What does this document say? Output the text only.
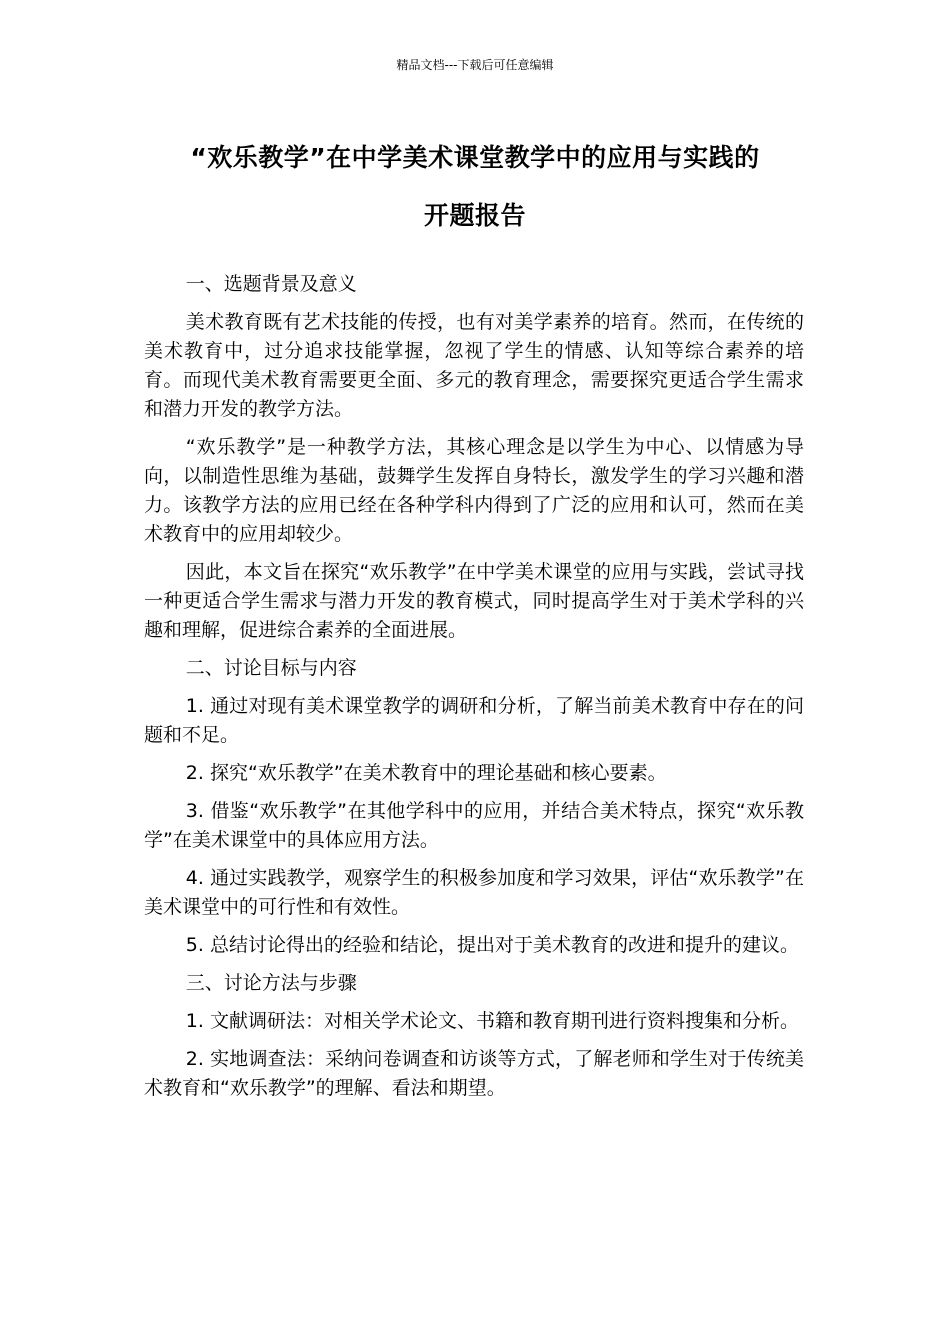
精品文档---下载后可任意编辑
“欢乐教学”在中学美术课堂教学中的应用与实践的
开题报告

一、选题背景及意义

美术教育既有艺术技能的传授，也有对美学素养的培育。然而，在传统的美术教育中，过分追求技能掌握，忽视了学生的情感、认知等综合素养的培育。而现代美术教育需要更全面、多元的教育理念，需要探究更适合学生需求和潜力开发的教学方法。

“欢乐教学”是一种教学方法，其核心理念是以学生为中心、以情感为导向，以制造性思维为基础，鼓舞学生发挥自身特长，激发学生的学习兴趣和潜力。该教学方法的应用已经在各种学科内得到了广泛的应用和认可，然而在美术教育中的应用却较少。

因此，本文旨在探究“欢乐教学”在中学美术课堂的应用与实践，尝试寻找一种更适合学生需求与潜力开发的教育模式，同时提高学生对于美术学科的兴趣和理解，促进综合素养的全面进展。

二、讨论目标与内容

1. 通过对现有美术课堂教学的调研和分析，了解当前美术教育中存在的问题和不足。

2. 探究“欢乐教学”在美术教育中的理论基础和核心要素。

3. 借鉴“欢乐教学”在其他学科中的应用，并结合美术特点，探究“欢乐教学”在美术课堂中的具体应用方法。

4. 通过实践教学，观察学生的积极参加度和学习效果，评估“欢乐教学”在美术课堂中的可行性和有效性。

5. 总结讨论得出的经验和结论，提出对于美术教育的改进和提升的建议。

三、讨论方法与步骤

1. 文献调研法：对相关学术论文、书籍和教育期刊进行资料搜集和分析。

2. 实地调查法：采纳问卷调查和访谈等方式，了解老师和学生对于传统美术教育和“欢乐教学”的理解、看法和期望。
